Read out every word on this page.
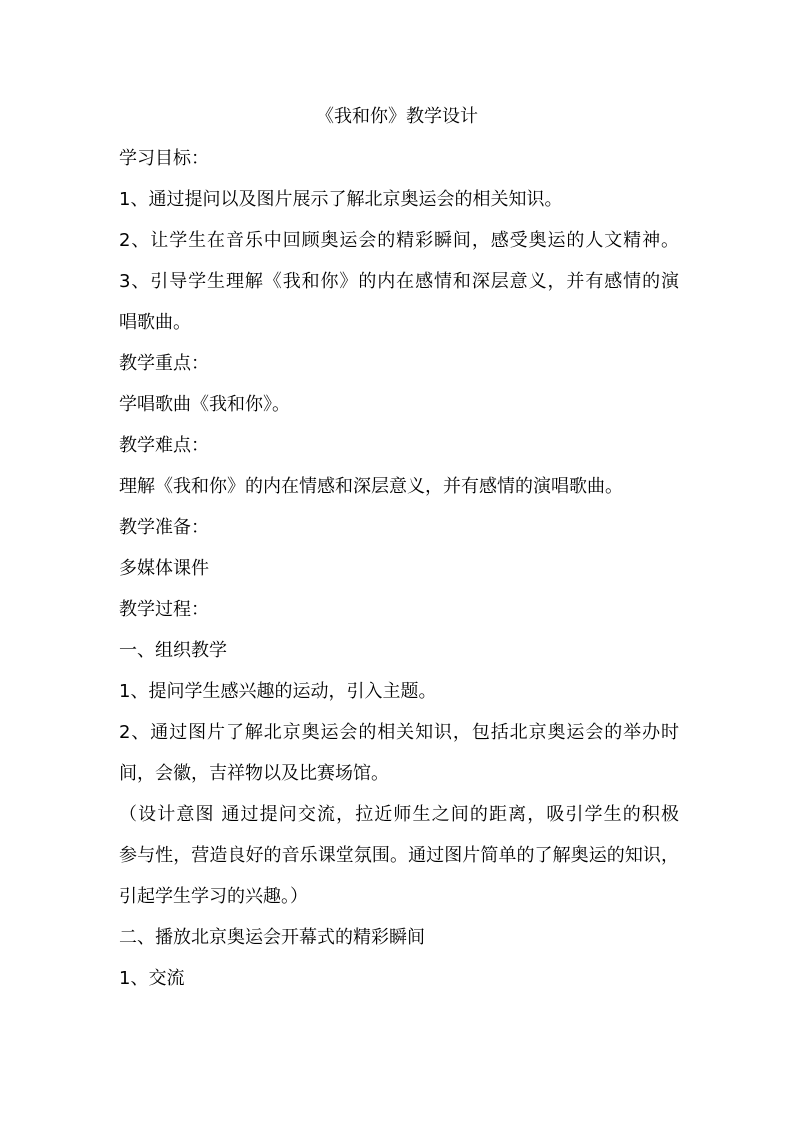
《我和你》教学设计
学习目标：
1、通过提问以及图片展示了解北京奥运会的相关知识。
2、让学生在音乐中回顾奥运会的精彩瞬间，感受奥运的人文精神。
3、引导学生理解《我和你》的内在感情和深层意义，并有感情的演
唱歌曲。
教学重点：
学唱歌曲《我和你》。
教学难点：
理解《我和你》的内在情感和深层意义，并有感情的演唱歌曲。
教学准备：
多媒体课件
教学过程：
一、组织教学
1、提问学生感兴趣的运动，引入主题。
2、通过图片了解北京奥运会的相关知识，包括北京奥运会的举办时
间，会徽，吉祥物以及比赛场馆。
（设计意图 通过提问交流，拉近师生之间的距离，吸引学生的积极
参与性，营造良好的音乐课堂氛围。通过图片简单的了解奥运的知识，
引起学生学习的兴趣。）
二、播放北京奥运会开幕式的精彩瞬间
1、交流
